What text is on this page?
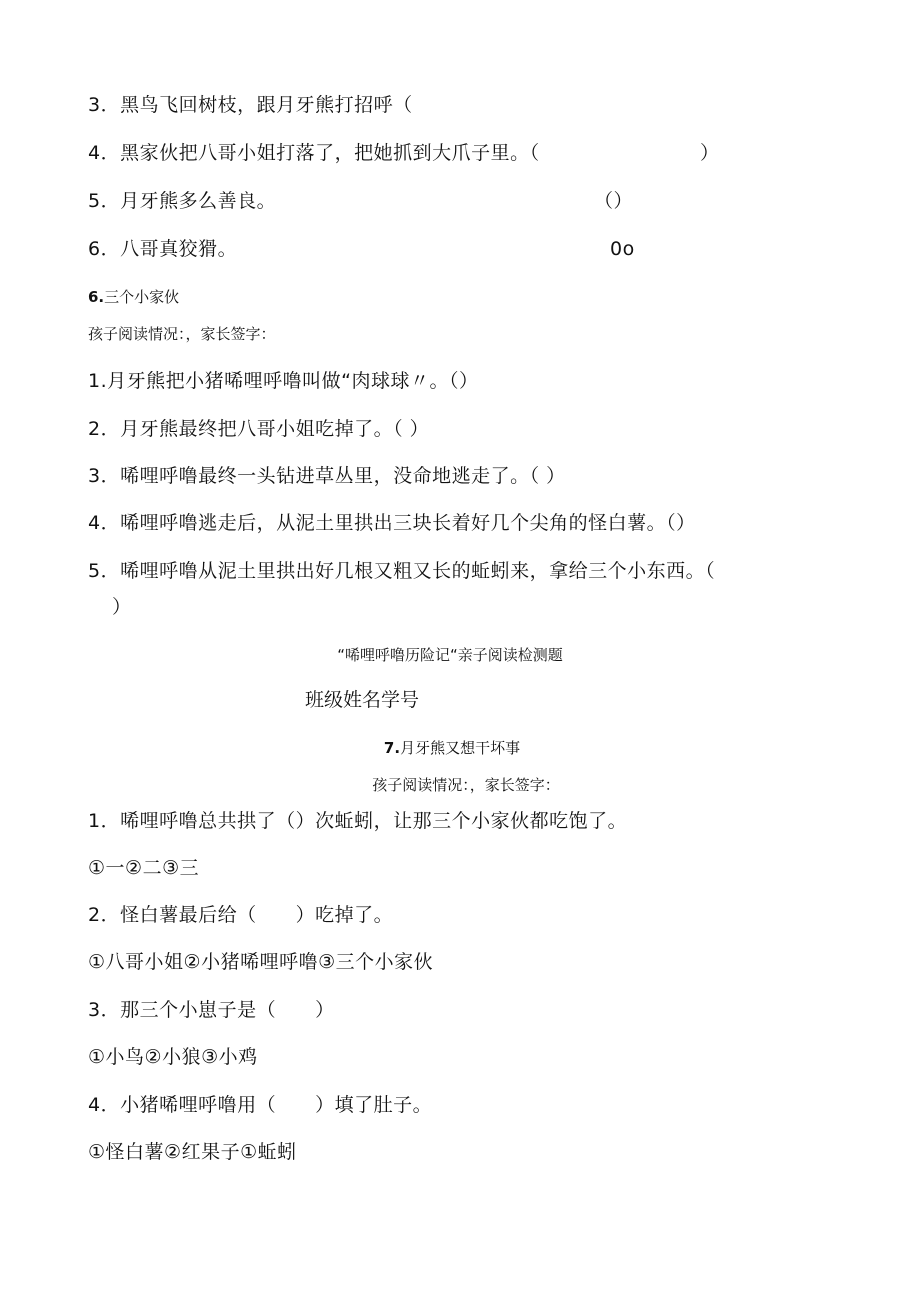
3．黑鸟飞回树枝，跟月牙熊打招呼（
4．黑家伙把八哥小姐打落了，把她抓到大爪子里。（	）
5．月牙熊多么善良。	（）
6．八哥真狡猾。	0o
6.三个小家伙
孩子阅读情况：，家长签字：
1.月牙熊把小猪唏哩呼噜叫做“肉球球〃。（）
2．月牙熊最终把八哥小姐吃掉了。（ ）
3．唏哩呼噜最终一头钻进草丛里，没命地逃走了。（ ）
4．唏哩呼噜逃走后，从泥土里拱出三块长着好几个尖角的怪白薯。（）
5．唏哩呼噜从泥土里拱出好几根又粗又长的蚯蚓来，拿给三个小东西。（
）
“唏哩呼噜历险记“亲子阅读检测题
班级姓名学号
7.月牙熊又想干坏事
孩子阅读情况：，家长签字：
1．唏哩呼噜总共拱了（）次蚯蚓，让那三个小家伙都吃饱了。
①一②二③三
2．怪白薯最后给（　　）吃掉了。
①八哥小姐②小猪唏哩呼噜③三个小家伙
3．那三个小崽子是（　　）
①小鸟②小狼③小鸡
4．小猪唏哩呼噜用（　　）填了肚子。
①怪白薯②红果子①蚯蚓
